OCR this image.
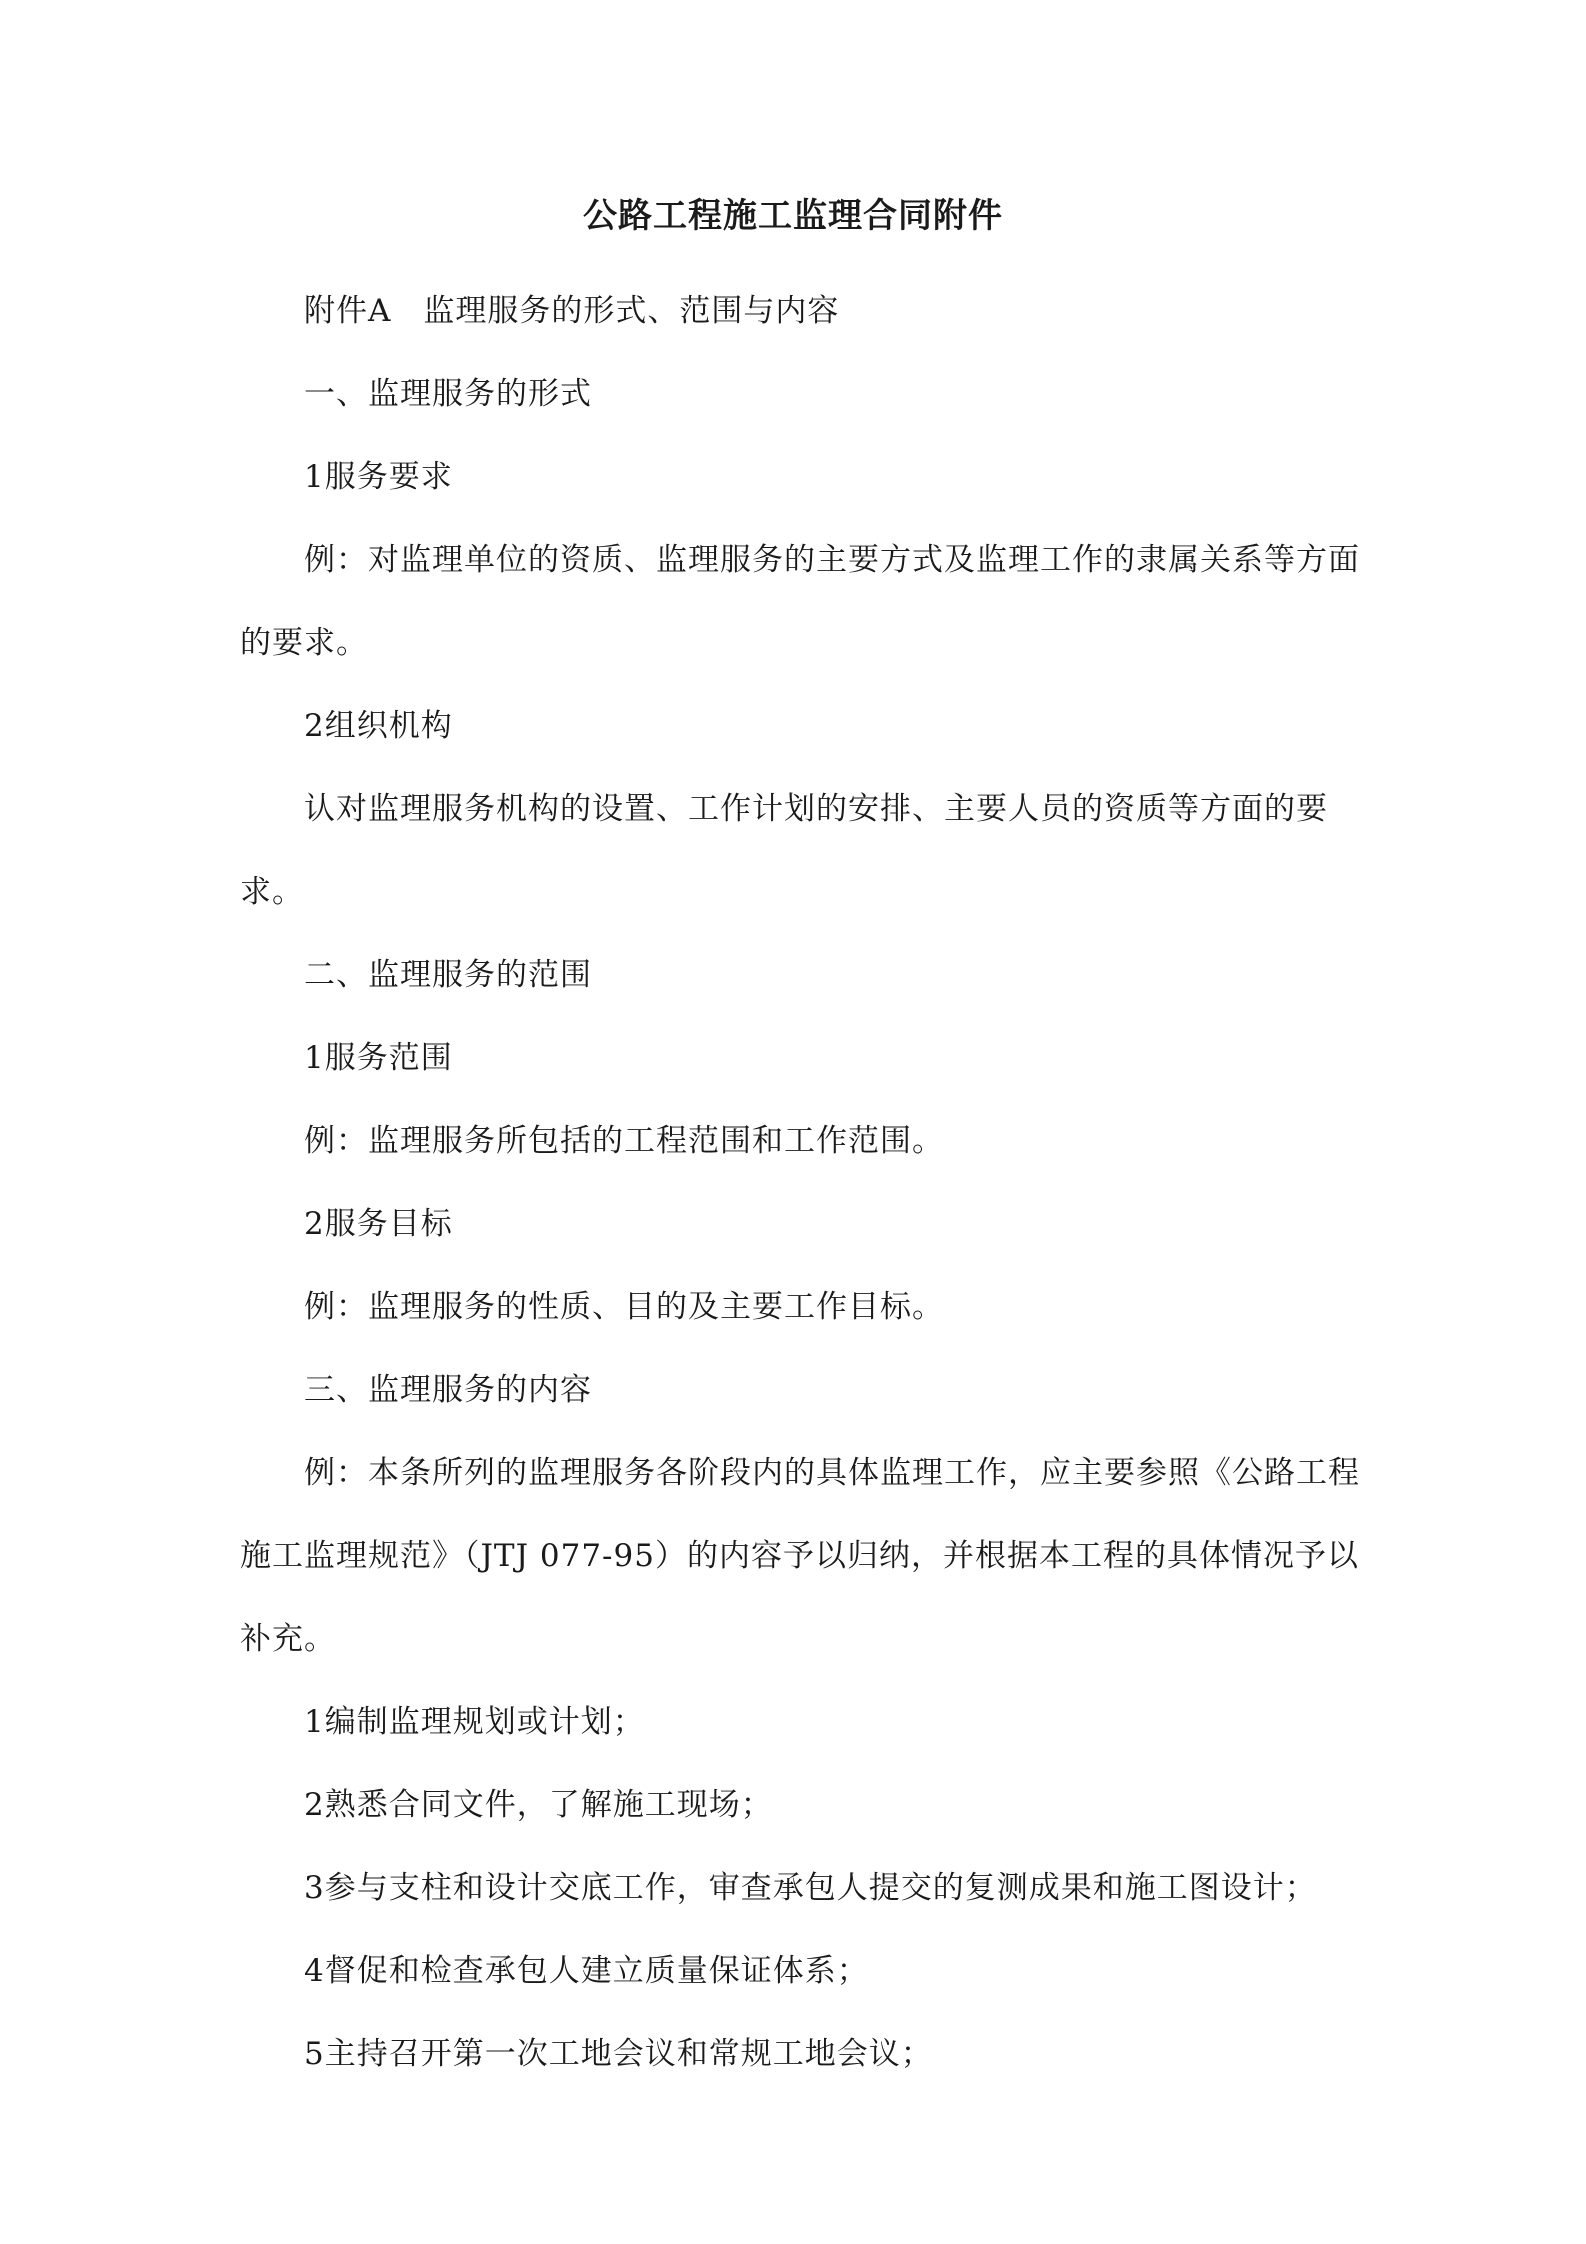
公路工程施工监理合同附件

附件A　监理服务的形式、范围与内容

一、监理服务的形式

1服务要求

例：对监理单位的资质、监理服务的主要方式及监理工作的隶属关系等方面的要求。

2组织机构

认对监理服务机构的设置、工作计划的安排、主要人员的资质等方面的要求。

二、监理服务的范围

1服务范围

例：监理服务所包括的工程范围和工作范围。

2服务目标

例：监理服务的性质、目的及主要工作目标。

三、监理服务的内容

例：本条所列的监理服务各阶段内的具体监理工作，应主要参照《公路工程施工监理规范》（JTJ 077-95）的内容予以归纳，并根据本工程的具体情况予以补充。

1编制监理规划或计划；

2熟悉合同文件，了解施工现场；

3参与支柱和设计交底工作，审查承包人提交的复测成果和施工图设计；

4督促和检查承包人建立质量保证体系；

5主持召开第一次工地会议和常规工地会议；
